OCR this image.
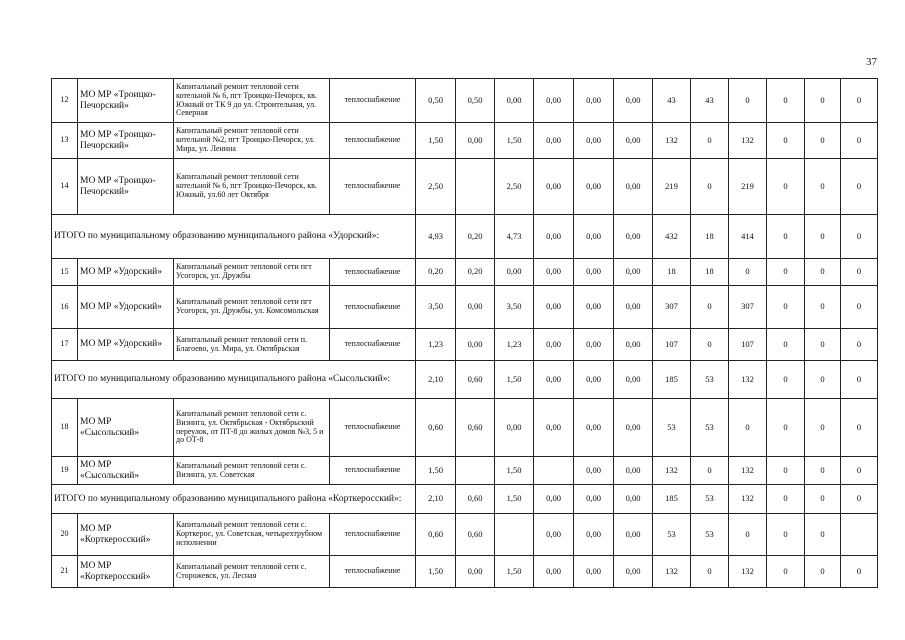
37
12	МО МР «Троицко-Печорский»	Капитальный ремонт тепловой сети котельной № 6, пгт Троицко-Печорск, кв. Южный от ТК 9 до ул. Строительная, ул. Северная	теплоснабжение	0,50	0,50	0,00	0,00	0,00	0,00	43	43	0	0	0	0
13	МО МР «Троицко-Печорский»	Капитальный ремонт тепловой сети котельной №2, пгт Троицко-Печорск, ул. Мира, ул. Ленина	теплоснабжение	1,50	0,00	1,50	0,00	0,00	0,00	132	0	132	0	0	0
14	МО МР «Троицко-Печорский»	Капитальный ремонт тепловой сети котельной № 6, пгт Троицко-Печорск, кв. Южный, ул.60 лет Октября	теплоснабжение	2,50		2,50	0,00	0,00	0,00	219	0	219	0	0	0
ИТОГО по муниципальному образованию муниципального района «Удорский»:				4,93	0,20	4,73	0,00	0,00	0,00	432	18	414	0	0	0
15	МО МР «Удорский»	Капитальный ремонт тепловой сети пгт Усогорск, ул. Дружбы	теплоснабжение	0,20	0,20	0,00	0,00	0,00	0,00	18	18	0	0	0	0
16	МО МР «Удорский»	Капитальный ремонт тепловой сети пгт Усогорск, ул. Дружбы, ул. Комсомольская	теплоснабжение	3,50	0,00	3,50	0,00	0,00	0,00	307	0	307	0	0	0
17	МО МР «Удорский»	Капитальный ремонт тепловой сети п. Благоево, ул. Мира, ул. Октябрьская	теплоснабжение	1,23	0,00	1,23	0,00	0,00	0,00	107	0	107	0	0	0
ИТОГО по муниципальному образованию муниципального района «Сысольский»:				2,10	0,60	1,50	0,00	0,00	0,00	185	53	132	0	0	0
18	МО МР «Сысольский»	Капитальный ремонт тепловой сети с. Визинга, ул. Октябрьская - Октябрьский переулок, от ПТ-8 до жилых домов №3, 5 и до ОТ-8	теплоснабжение	0,60	0,60	0,00	0,00	0,00	0,00	53	53	0	0	0	0
19	МО МР «Сысольский»	Капитальный ремонт тепловой сети с. Визинга, ул. Советская	теплоснабжение	1,50		1,50		0,00	0,00	132	0	132	0	0	0
ИТОГО по муниципальному образованию муниципального района «Корткеросский»:				2,10	0,60	1,50	0,00	0,00	0,00	185	53	132	0	0	0
20	МО МР «Корткеросский»	Капитальный ремонт тепловой сети с. Корткерос, ул. Советская, четырехтрубном исполнении	теплоснабжение	0,60	0,60		0,00	0,00	0,00	53	53	0	0	0	
21	МО МР «Корткеросский»	Капитальный ремонт тепловой сети с. Сторожевск, ул. Лесная	теплоснабжение	1,50	0,00	1,50	0,00	0,00	0,00	132	0	132	0	0	0
